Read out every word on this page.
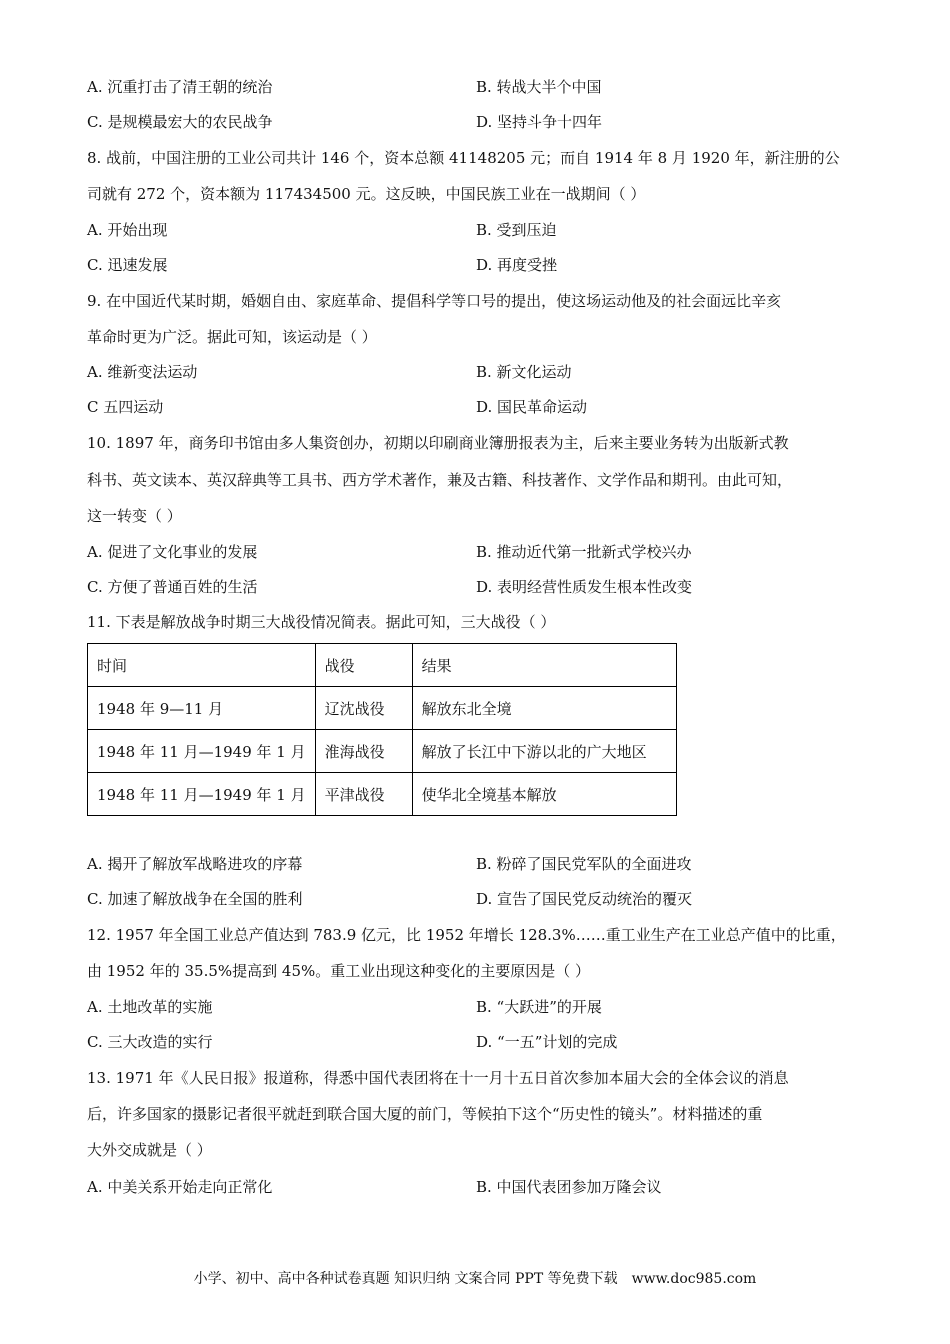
A. 沉重打击了清王朝的统治	B. 转战大半个中国
C. 是规模最宏大的农民战争	D. 坚持斗争十四年
8. 战前，中国注册的工业公司共计 146 个，资本总额 41148205 元；而自 1914 年 8 月 1920 年，新注册的公
司就有 272 个，资本额为 117434500 元。这反映，中国民族工业在一战期间（ ）
A. 开始出现	B. 受到压迫
C. 迅速发展	D. 再度受挫
9. 在中国近代某时期，婚姻自由、家庭革命、提倡科学等口号的提出，使这场运动他及的社会面远比辛亥
革命时更为广泛。据此可知，该运动是（ ）
A. 维新变法运动	B. 新文化运动
C 五四运动	D. 国民革命运动
10. 1897 年，商务印书馆由多人集资创办，初期以印刷商业簿册报表为主，后来主要业务转为出版新式教
科书、英文读本、英汉辞典等工具书、西方学术著作，兼及古籍、科技著作、文学作品和期刊。由此可知，
这一转变（ ）
A. 促进了文化事业的发展	B. 推动近代第一批新式学校兴办
C. 方便了普通百姓的生活	D. 表明经营性质发生根本性改变
11. 下表是解放战争时期三大战役情况简表。据此可知，三大战役（ ）
时间	战役	结果
1948 年 9—11 月	辽沈战役	解放东北全境
1948 年 11 月—1949 年 1 月	淮海战役	解放了长江中下游以北的广大地区
1948 年 11 月—1949 年 1 月	平津战役	使华北全境基本解放
A. 揭开了解放军战略进攻的序幕	B. 粉碎了国民党军队的全面进攻
C. 加速了解放战争在全国的胜利	D. 宣告了国民党反动统治的覆灭
12. 1957 年全国工业总产值达到 783.9 亿元，比 1952 年增长 128.3%……重工业生产在工业总产值中的比重，
由 1952 年的 35.5%提高到 45%。重工业出现这种变化的主要原因是（ ）
A. 土地改革的实施	B. “大跃进”的开展
C. 三大改造的实行	D. “一五”计划的完成
13. 1971 年《人民日报》报道称，得悉中国代表团将在十一月十五日首次参加本届大会的全体会议的消息
后，许多国家的摄影记者很平就赶到联合国大厦的前门，等候拍下这个“历史性的镜头”。材料描述的重
大外交成就是（ ）
A. 中美关系开始走向正常化	B. 中国代表团参加万隆会议
小学、初中、高中各种试卷真题 知识归纳 文案合同 PPT 等免费下载 www.doc985.com
